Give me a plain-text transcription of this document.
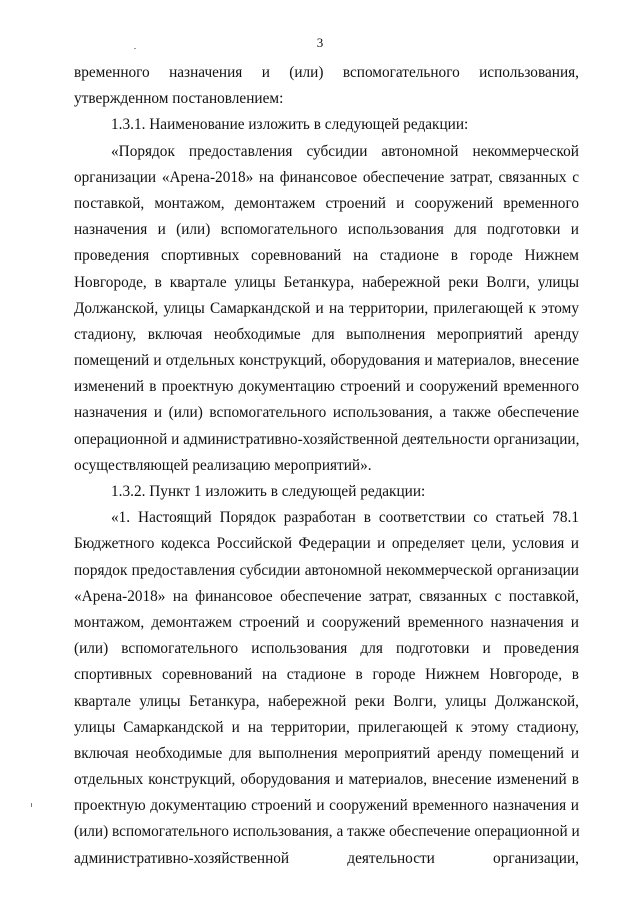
3
временного назначения и (или) вспомогательного использования,
утвержденном постановлением:
1.3.1. Наименование изложить в следующей редакции:
«Порядок предоставления субсидии автономной некоммерческой
организации «Арена-2018» на финансовое обеспечение затрат, связанных с
поставкой, монтажом, демонтажем строений и сооружений временного
назначения и (или) вспомогательного использования для подготовки и
проведения спортивных соревнований на стадионе в городе Нижнем
Новгороде, в квартале улицы Бетанкура, набережной реки Волги, улицы
Должанской, улицы Самаркандской и на территории, прилегающей к этому
стадиону, включая необходимые для выполнения мероприятий аренду
помещений и отдельных конструкций, оборудования и материалов, внесение
изменений в проектную документацию строений и сооружений временного
назначения и (или) вспомогательного использования, а также обеспечение
операционной и административно-хозяйственной деятельности организации,
осуществляющей реализацию мероприятий».
1.3.2. Пункт 1 изложить в следующей редакции:
«1. Настоящий Порядок разработан в соответствии со статьей 78.1
Бюджетного кодекса Российской Федерации и определяет цели, условия и
порядок предоставления субсидии автономной некоммерческой организации
«Арена-2018» на финансовое обеспечение затрат, связанных с поставкой,
монтажом, демонтажем строений и сооружений временного назначения и
(или) вспомогательного использования для подготовки и проведения
спортивных соревнований на стадионе в городе Нижнем Новгороде, в
квартале улицы Бетанкура, набережной реки Волги, улицы Должанской,
улицы Самаркандской и на территории, прилегающей к этому стадиону,
включая необходимые для выполнения мероприятий аренду помещений и
отдельных конструкций, оборудования и материалов, внесение изменений в
проектную документацию строений и сооружений временного назначения и
(или) вспомогательного использования, а также обеспечение операционной и
административно-хозяйственной деятельности организации,
